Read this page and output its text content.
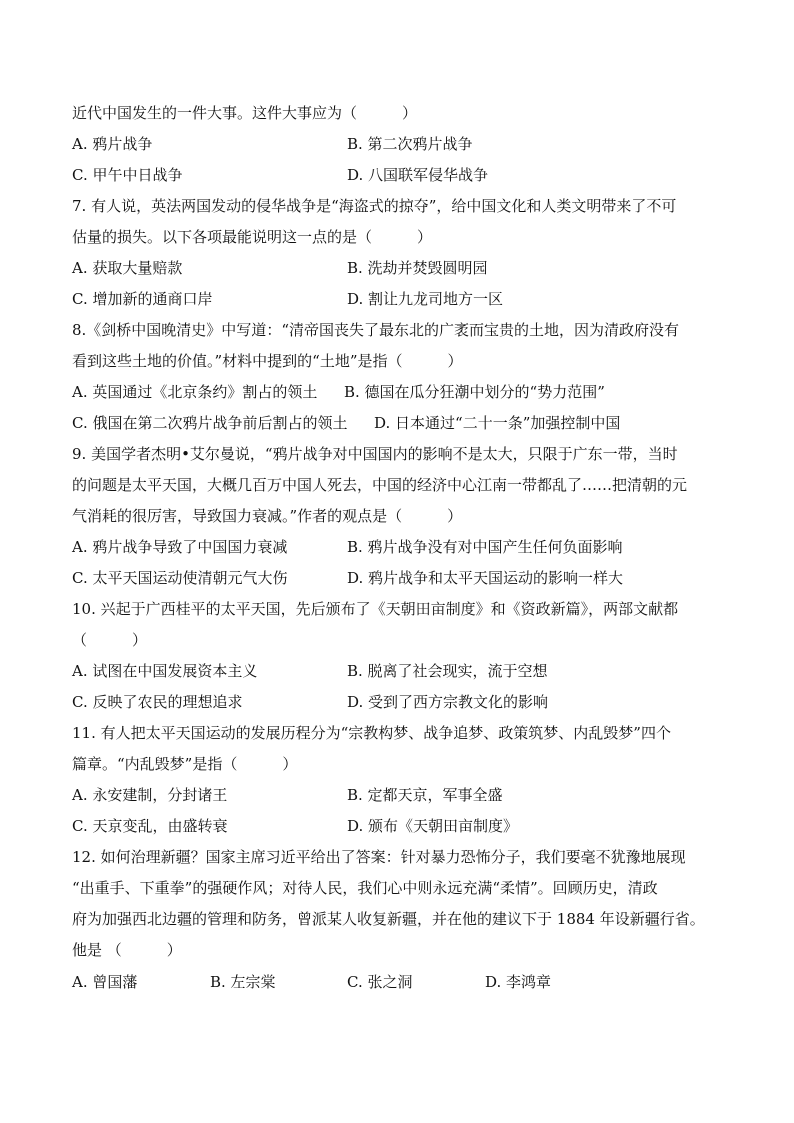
近代中国发生的一件大事。这件大事应为（　　　）
A. 鸦片战争	B. 第二次鸦片战争
C. 甲午中日战争	D. 八国联军侵华战争
7. 有人说，英法两国发动的侵华战争是“海盗式的掠夺”，给中国文化和人类文明带来了不可
估量的损失。以下各项最能说明这一点的是（　　　）
A. 获取大量赔款	B. 洗劫并焚毁圆明园
C. 增加新的通商口岸	D. 割让九龙司地方一区
8.《剑桥中国晚清史》中写道：“清帝国丧失了最东北的广袤而宝贵的土地，因为清政府没有
看到这些土地的价值。”材料中提到的“土地”是指（　　　）
A. 英国通过《北京条约》割占的领土 B. 德国在瓜分狂潮中划分的“势力范围”
C. 俄国在第二次鸦片战争前后割占的领土 D. 日本通过“二十一条”加强控制中国
9. 美国学者杰明•艾尔曼说，“鸦片战争对中国国内的影响不是太大，只限于广东一带，当时
的问题是太平天国，大概几百万中国人死去，中国的经济中心江南一带都乱了……把清朝的元
气消耗的很厉害，导致国力衰减。”作者的观点是（　　　）
A. 鸦片战争导致了中国国力衰减	B. 鸦片战争没有对中国产生任何负面影响
C. 太平天国运动使清朝元气大伤	D. 鸦片战争和太平天国运动的影响一样大
10. 兴起于广西桂平的太平天国，先后颁布了《天朝田亩制度》和《资政新篇》，两部文献都
（　　　）
A. 试图在中国发展资本主义	B. 脱离了社会现实，流于空想
C. 反映了农民的理想追求	D. 受到了西方宗教文化的影响
11. 有人把太平天国运动的发展历程分为“宗教构梦、战争追梦、政策筑梦、内乱毁梦”四个
篇章。“内乱毁梦”是指（　　　）
A. 永安建制，分封诸王	B. 定都天京，军事全盛
C. 天京变乱，由盛转衰	D. 颁布《天朝田亩制度》
12. 如何治理新疆？国家主席习近平给出了答案：针对暴力恐怖分子，我们要毫不犹豫地展现
“出重手、下重拳”的强硬作风；对待人民，我们心中则永远充满“柔情”。回顾历史，清政
府为加强西北边疆的管理和防务，曾派某人收复新疆，并在他的建议下于 1884 年设新疆行省。
他是 （　　　）
A. 曾国藩	B. 左宗棠	C. 张之洞	D. 李鸿章
